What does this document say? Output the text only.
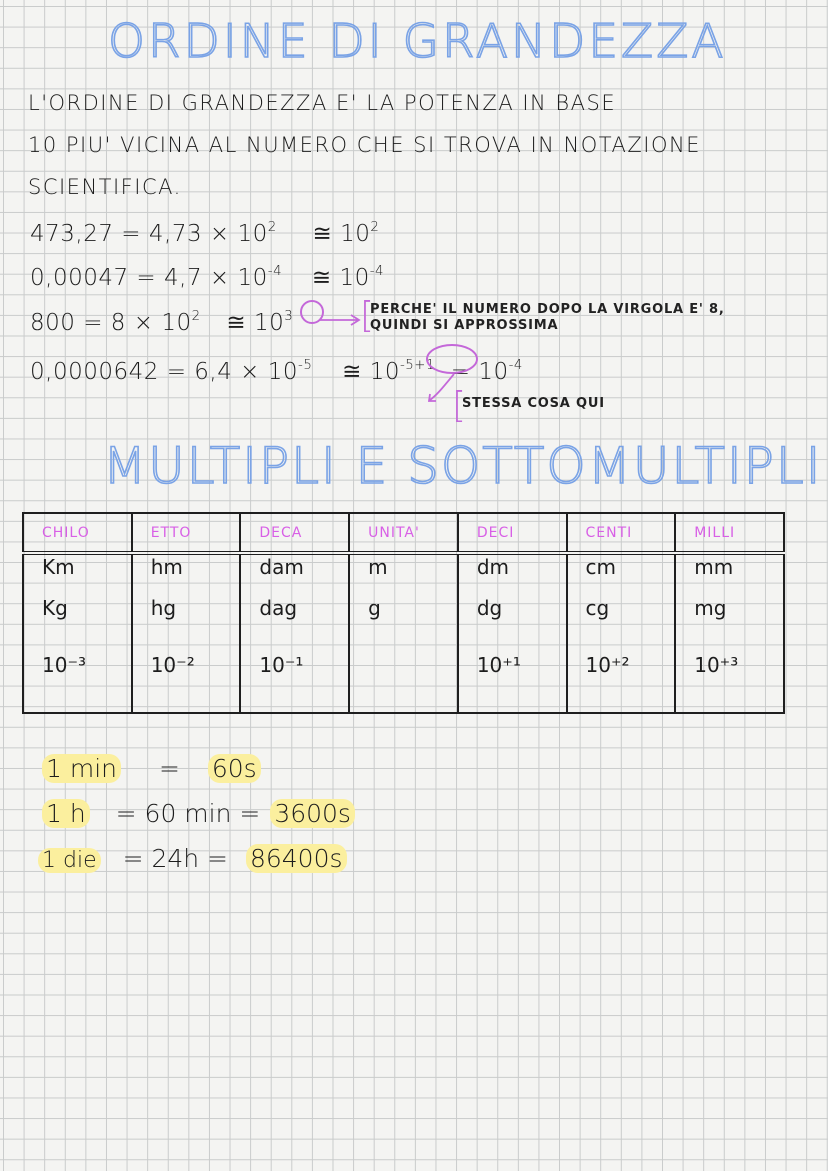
ORDINE DI GRANDEZZA
L'ORDINE DI GRANDEZZA E' LA POTENZA IN BASE
10 PIU' VICINA AL NUMERO CHE SI TROVA IN NOTAZIONE
SCIENTIFICA.
$473,27 = 4,73 \times 10^2$ ≅ $10^2$
$0,00047 = 4,7 \times 10^{-4}$ ≅ $10^{-4}$
$800 = 8 \times 10^2$ ≅ $10^3$ [
PERCHE' IL NUMERO DOPO LA VIRGOLA E' 8,
QUINDI SI APPROSSIMA
$0,0000642 = 6,4 \times 10^{-5}$ ≅ $10^{-5+1} = 10^{-4}$
[
STESSA COSA QUI
MULTIPLI E SOTTOMULTIPLI
CHILO	ETTO	DECA	UNITA'	DECI	CENTI	MILLI
Km	hm	dam	m	dm	cm	mm
Kg	hg	dag	g	dg	cg	mg
10⁻³	10⁻²	10⁻¹		10⁺¹	10⁺²	10⁺³
1 min = 60s
1 h = 60 min = 3600s
1 die = 24h = 86400s
